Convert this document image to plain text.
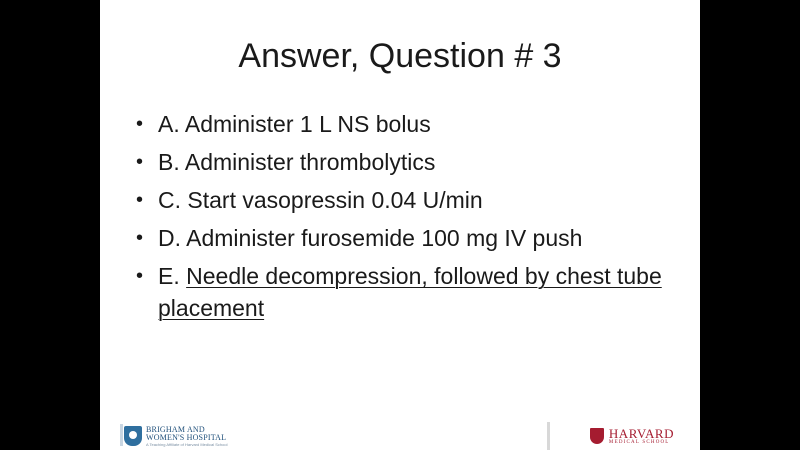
Answer, Question # 3
• A. Administer 1 L NS bolus
• B. Administer thrombolytics
• C. Start vasopressin 0.04 U/min
• D. Administer furosemide 100 mg IV push
• E. Needle decompression, followed by chest tube placement
BRIGHAM AND
WOMEN'S HOSPITAL
A Teaching Affiliate of Harvard Medical School
HARVARD
MEDICAL SCHOOL
